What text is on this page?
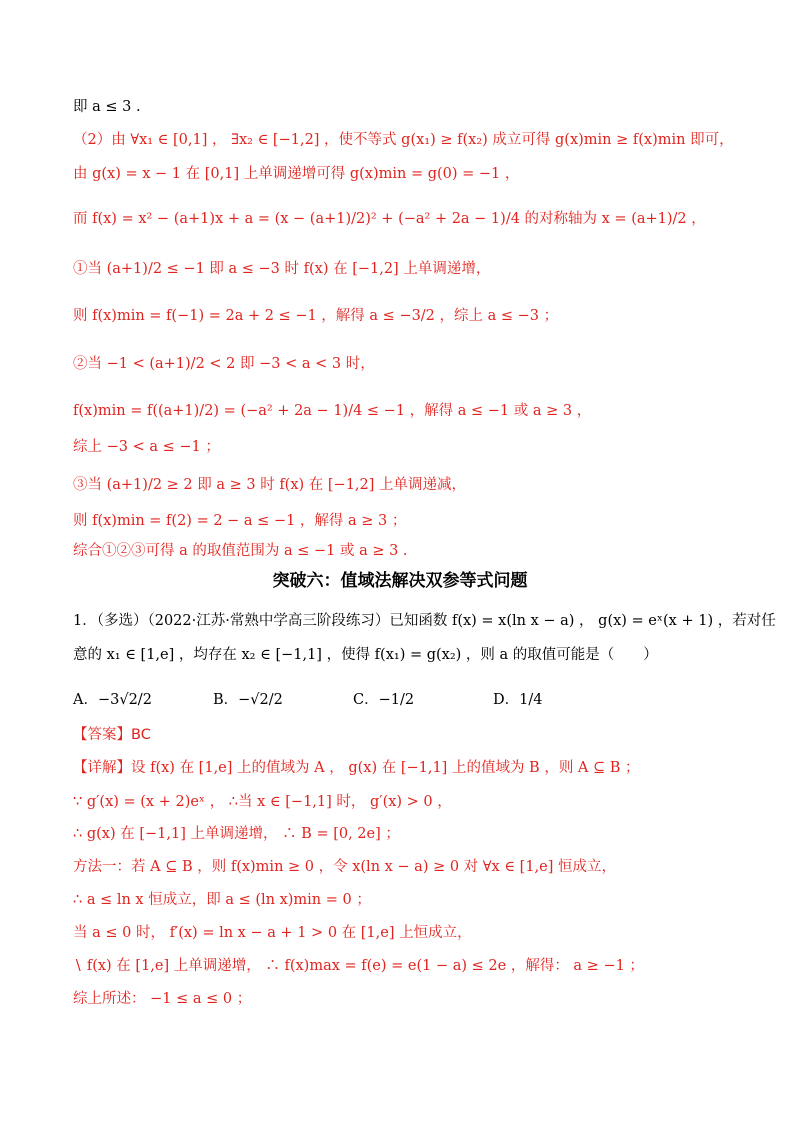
即 a ≤ 3 .
（2）由 ∀x₁ ∈ [0,1] ， ∃x₂ ∈ [−1,2] ，使不等式 g(x₁) ≥ f(x₂) 成立可得 g(x)min ≥ f(x)min 即可，
由 g(x) = x − 1 在 [0,1] 上单调递增可得 g(x)min = g(0) = −1 ，
而 f(x) = x² − (a+1)x + a = (x − (a+1)/2)² + (−a² + 2a − 1)/4 的对称轴为 x = (a+1)/2 ，
①当 (a+1)/2 ≤ −1 即 a ≤ −3 时 f(x) 在 [−1,2] 上单调递增，
则 f(x)min = f(−1) = 2a + 2 ≤ −1 ，解得 a ≤ −3/2 ，综上 a ≤ −3 ；
②当 −1 < (a+1)/2 < 2 即 −3 < a < 3 时，
f(x)min = f((a+1)/2) = (−a² + 2a − 1)/4 ≤ −1 ，解得 a ≤ −1 或 a ≥ 3 ，
综上 −3 < a ≤ −1 ；
③当 (a+1)/2 ≥ 2 即 a ≥ 3 时 f(x) 在 [−1,2] 上单调递减，
则 f(x)min = f(2) = 2 − a ≤ −1 ，解得 a ≥ 3 ；
综合①②③可得 a 的取值范围为 a ≤ −1 或 a ≥ 3 .
突破六：值域法解决双参等式问题
1．（多选）（2022·江苏·常熟中学高三阶段练习）已知函数 f(x) = x(ln x − a) ， g(x) = eˣ(x + 1) ，若对任
意的 x₁ ∈ [1,e] ，均存在 x₂ ∈ [−1,1] ，使得 f(x₁) = g(x₂) ，则 a 的取值可能是（　　）
A．−3√2/2	B．−√2/2	C．−1/2	D．1/4
【答案】BC
【详解】设 f(x) 在 [1,e] 上的值域为 A ， g(x) 在 [−1,1] 上的值域为 B ，则 A ⊆ B ；
∵ g′(x) = (x + 2)eˣ ， ∴当 x ∈ [−1,1] 时， g′(x) > 0 ，
∴ g(x) 在 [−1,1] 上单调递增， ∴ B = [0, 2e] ；
方法一：若 A ⊆ B ，则 f(x)min ≥ 0 ，令 x(ln x − a) ≥ 0 对 ∀x ∈ [1,e] 恒成立，
∴ a ≤ ln x 恒成立，即 a ≤ (ln x)min = 0 ；
当 a ≤ 0 时， f′(x) = ln x − a + 1 > 0 在 [1,e] 上恒成立，
∖ f(x) 在 [1,e] 上单调递增， ∴ f(x)max = f(e) = e(1 − a) ≤ 2e ，解得： a ≥ −1 ；
综上所述： −1 ≤ a ≤ 0 ；
